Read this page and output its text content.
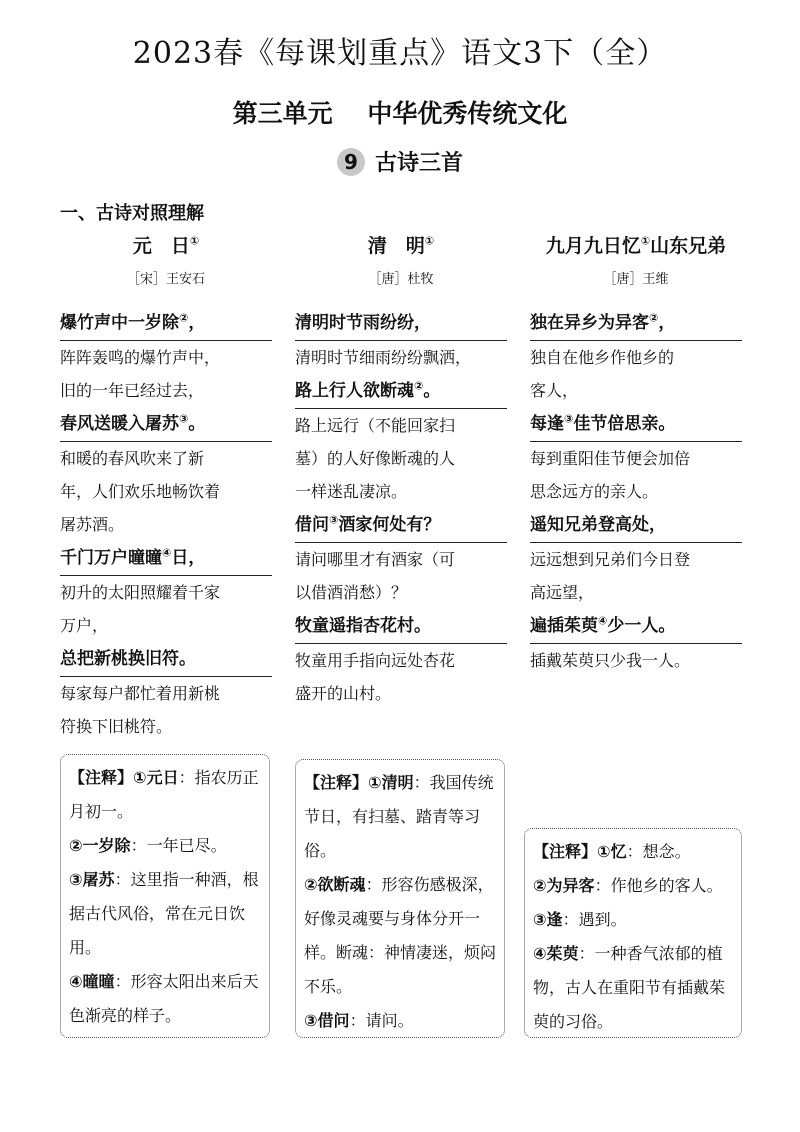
2023春《每课划重点》语文3下（全）
第三单元    中华优秀传统文化
9 古诗三首
一、古诗对照理解
元　日①
［宋］王安石
爆竹声中一岁除②，
阵阵轰鸣的爆竹声中，
旧的一年已经过去，
春风送暖入屠苏③。
和暖的春风吹来了新
年，人们欢乐地畅饮着
屠苏酒。
千门万户曈曈④日，
初升的太阳照耀着千家
万户，
总把新桃换旧符。
每家每户都忙着用新桃
符换下旧桃符。
清　明①
［唐］杜牧
清明时节雨纷纷，
清明时节细雨纷纷飘洒，
路上行人欲断魂②。
路上远行（不能回家扫
墓）的人好像断魂的人
一样迷乱凄凉。
借问③酒家何处有？
请问哪里才有酒家（可
以借酒消愁）？
牧童遥指杏花村。
牧童用手指向远处杏花
盛开的山村。
九月九日忆①山东兄弟
［唐］王维
独在异乡为异客②，
独自在他乡作他乡的
客人，
每逢③佳节倍思亲。
每到重阳佳节便会加倍
思念远方的亲人。
遥知兄弟登高处，
远远想到兄弟们今日登
高远望，
遍插茱萸④少一人。
插戴茱萸只少我一人。
【注释】①元日：指农历正月初一。
②一岁除：一年已尽。
③屠苏：这里指一种酒，根据古代风俗，常在元日饮用。
④曈曈：形容太阳出来后天色渐亮的样子。
【注释】①清明：我国传统节日，有扫墓、踏青等习俗。
②欲断魂：形容伤感极深，好像灵魂要与身体分开一样。断魂：神情凄迷，烦闷不乐。
③借问：请问。
【注释】①忆：想念。
②为异客：作他乡的客人。
③逢：遇到。
④茱萸：一种香气浓郁的植物，古人在重阳节有插戴茱萸的习俗。
